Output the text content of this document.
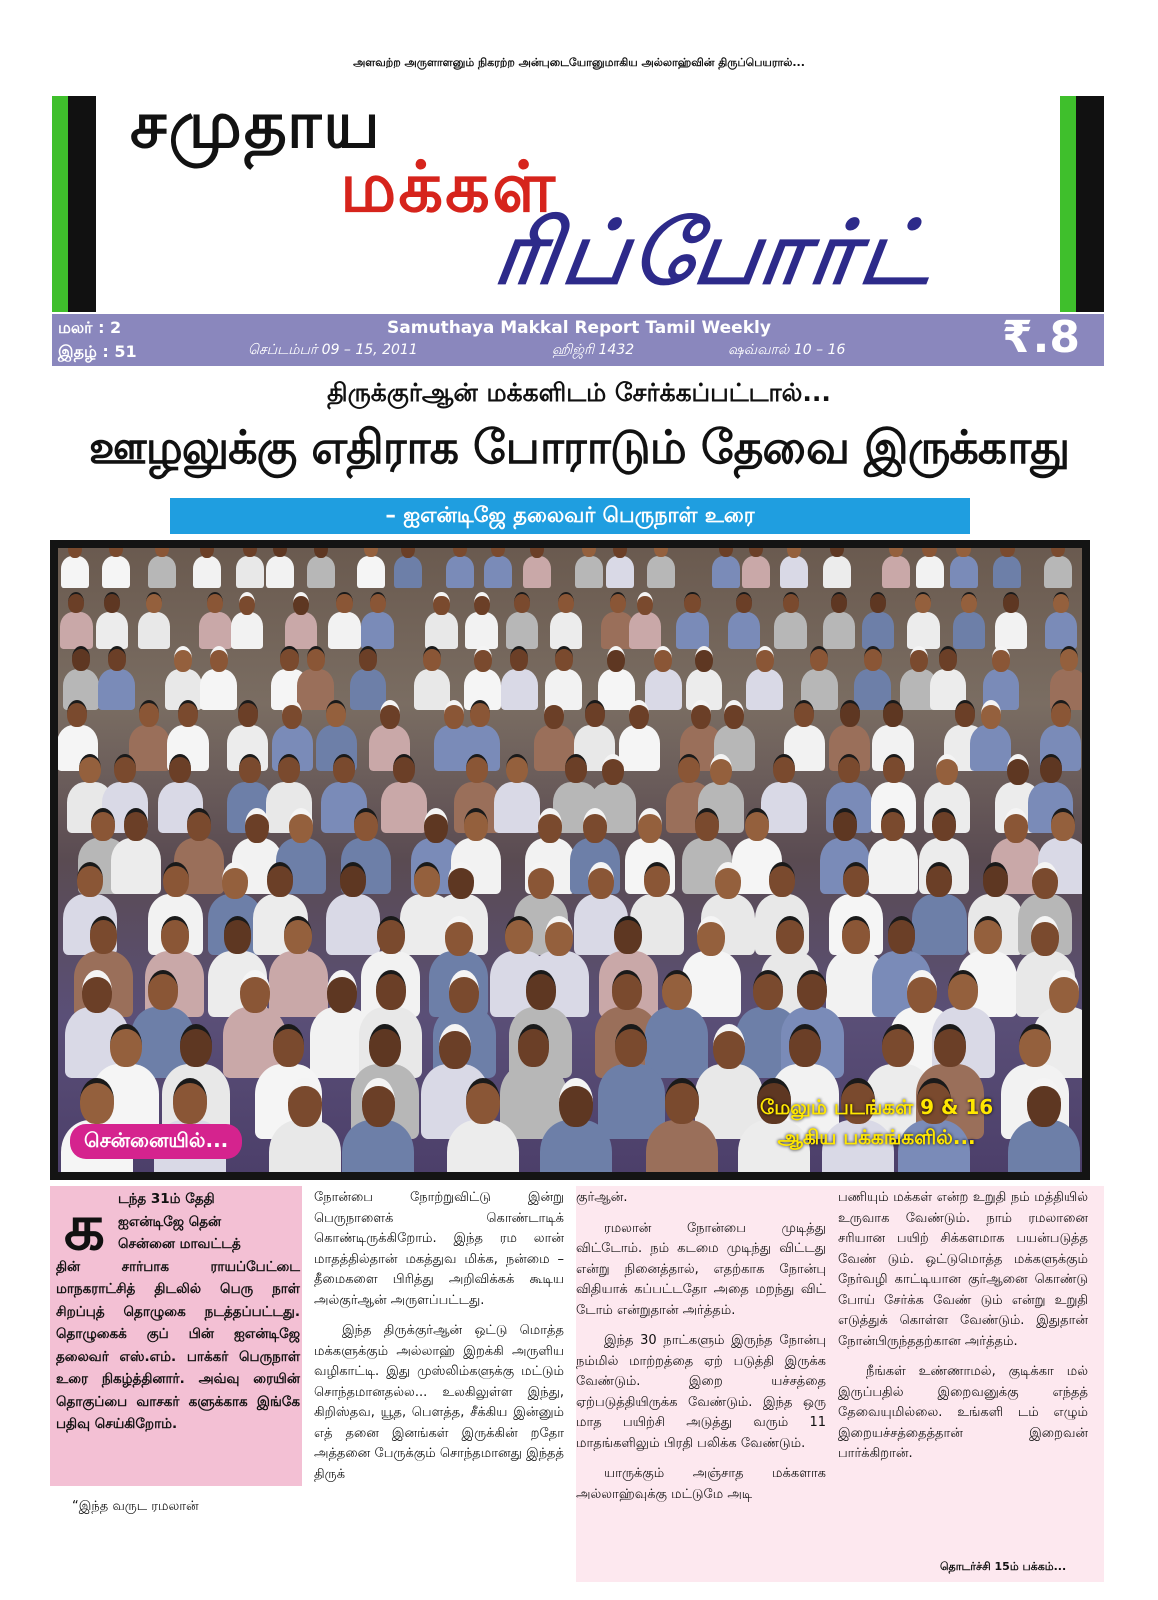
அளவற்ற அருளாளனும் நிகரற்ற அன்புடையோனுமாகிய அல்லாஹ்வின் திருப்பெயரால்...
சமுதாய
மக்கள்
ரிப்போர்ட்
மலர் : 2
இதழ் : 51
Samuthaya Makkal Report Tamil Weekly
செப்டம்பர் 09 – 15, 2011	ஹிஜ்ரி 1432	ஷவ்வால் 10 – 16	₹.8
திருக்குர்ஆன் மக்களிடம் சேர்க்கப்பட்டால்...
ஊழலுக்கு எதிராக போராடும் தேவை இருக்காது
– ஐஎன்டிஜே தலைவர் பெருநாள் உரை
சென்னையில்...
மேலும் படங்கள் 9 & 16
ஆகிய பக்கங்களில்...
க டந்த 31ம் தேதி
ஐஎன்டிஜே தென்
சென்னை மாவட்டத்
தின் சார்பாக ராயப்பேட்டை மாநகராட்சித் திடலில் பெரு நாள் சிறப்புத் தொழுகை நடத்தப்பட்டது. தொழுகைக் குப் பின் ஐஎன்டிஜே தலைவர் எஸ்.எம். பாக்கர் பெருநாள் உரை நிகழ்த்தினார். அவ்வு ரையின் தொகுப்பை வாசகர் களுக்காக இங்கே பதிவு செய்கிறோம்.
“இந்த வருட ரமலான்

நோன்பை நோற்றுவிட்டு இன்று பெருநாளைக் கொண்டாடிக் கொண்டிருக்கிறோம். இந்த ரம லான் மாதத்தில்தான் மகத்துவ மிக்க, நன்மை – தீமைகளை பிரித்து அறிவிக்கக் கூடிய அல்குர்ஆன் அருளப்பட்டது.

இந்த திருக்குர்ஆன் ஒட்டு மொத்த மக்களுக்கும் அல்லாஹ் இறக்கி அருளிய வழிகாட்டி. இது முஸ்லிம்களுக்கு மட்டும் சொந்தமானதல்ல... உலகிலுள்ள இந்து, கிறிஸ்தவ, யூத, பௌத்த, சீக்கிய இன்னும் எத் தனை இனங்கள் இருக்கின் றதோ அத்தனை பேருக்கும் சொந்தமானது இந்தத் திருக்

குர்ஆன்.

ரமலான் நோன்பை முடித்து விட்டோம். நம் கடமை முடிந்து விட்டது என்று நினைத்தால், எதற்காக நோன்பு விதியாக் கப்பட்டதோ அதை மறந்து விட் டோம் என்றுதான் அர்த்தம்.

இந்த 30 நாட்களும் இருந்த நோன்பு நம்மில் மாற்றத்தை ஏற் படுத்தி இருக்க வேண்டும். இறை யச்சத்தை ஏற்படுத்தியிருக்க வேண்டும். இந்த ஒரு மாத பயிற்சி அடுத்து வரும் 11 மாதங்களிலும் பிரதி பலிக்க வேண்டும்.

யாருக்கும் அஞ்சாத மக்களாக அல்லாஹ்வுக்கு மட்டுமே அடி

பணியும் மக்கள் என்ற உறுதி நம் மத்தியில் உருவாக வேண்டும். நாம் ரமலானை சரியான பயிற் சிக்களமாக பயன்படுத்த வேண் டும். ஒட்டுமொத்த மக்களுக்கும் நேர்வழி காட்டியான குர்ஆனை கொண்டு போய் சேர்க்க வேண் டும் என்று உறுதி எடுத்துக் கொள்ள வேண்டும். இதுதான் நோன்பிருந்ததற்கான அர்த்தம்.

நீங்கள் உண்ணாமல், குடிக்கா மல் இருப்பதில் இறைவனுக்கு எந்தத் தேவையுமில்லை. உங்களி டம் எழும் இறையச்சத்தைத்தான் இறைவன் பார்க்கிறான்.

தொடர்ச்சி 15ம் பக்கம்...
